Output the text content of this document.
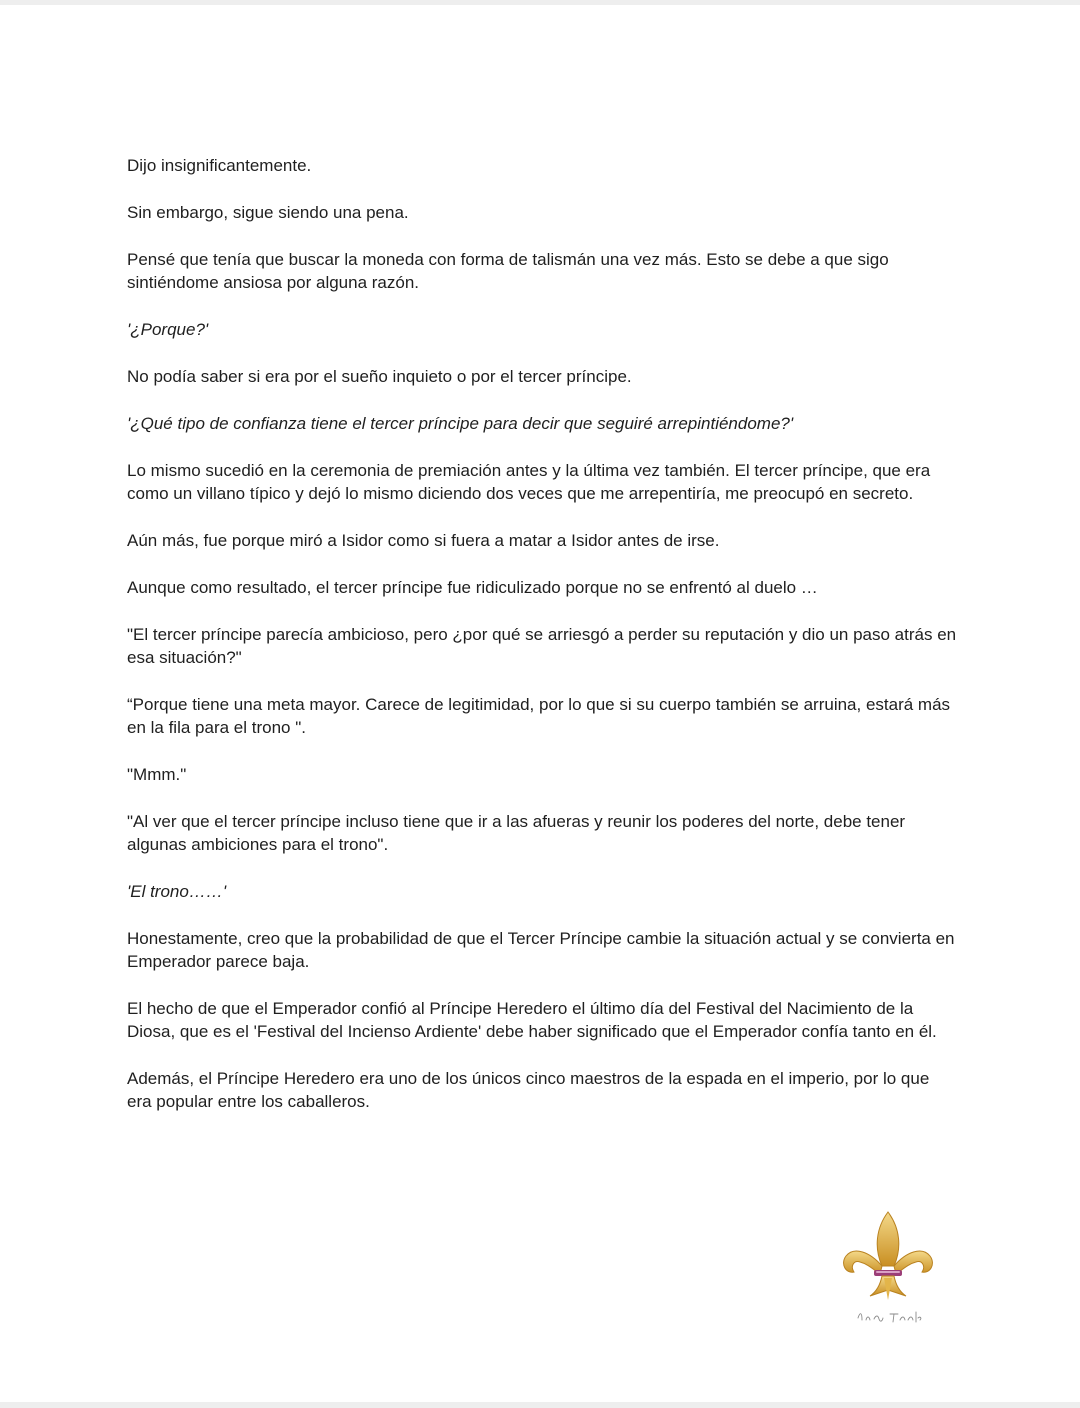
Dijo insignificantemente.

Sin embargo, sigue siendo una pena.

Pensé que tenía que buscar la moneda con forma de talismán una vez más. Esto se debe a que sigo sintiéndome ansiosa por alguna razón.

'¿Porque?'

No podía saber si era por el sueño inquieto o por el tercer príncipe.

'¿Qué tipo de confianza tiene el tercer príncipe para decir que seguiré arrepintiéndome?'

Lo mismo sucedió en la ceremonia de premiación antes y la última vez también. El tercer príncipe, que era como un villano típico y dejó lo mismo diciendo dos veces que me arrepentiría, me preocupó en secreto.

Aún más, fue porque miró a Isidor como si fuera a matar a Isidor antes de irse.

Aunque como resultado, el tercer príncipe fue ridiculizado porque no se enfrentó al duelo …

"El tercer príncipe parecía ambicioso, pero ¿por qué se arriesgó a perder su reputación y dio un paso atrás en esa situación?"

“Porque tiene una meta mayor. Carece de legitimidad, por lo que si su cuerpo también se arruina, estará más en la fila para el trono ".

"Mmm."

"Al ver que el tercer príncipe incluso tiene que ir a las afueras y reunir los poderes del norte, debe tener algunas ambiciones para el trono".

'El trono……'

Honestamente, creo que la probabilidad de que el Tercer Príncipe cambie la situación actual y se convierta en Emperador parece baja.

El hecho de que el Emperador confió al Príncipe Heredero el último día del Festival del Nacimiento de la Diosa, que es el 'Festival del Incienso Ardiente' debe haber significado que el Emperador confía tanto en él.

Además, el Príncipe Heredero era uno de los únicos cinco maestros de la espada en el imperio, por lo que era popular entre los caballeros.
